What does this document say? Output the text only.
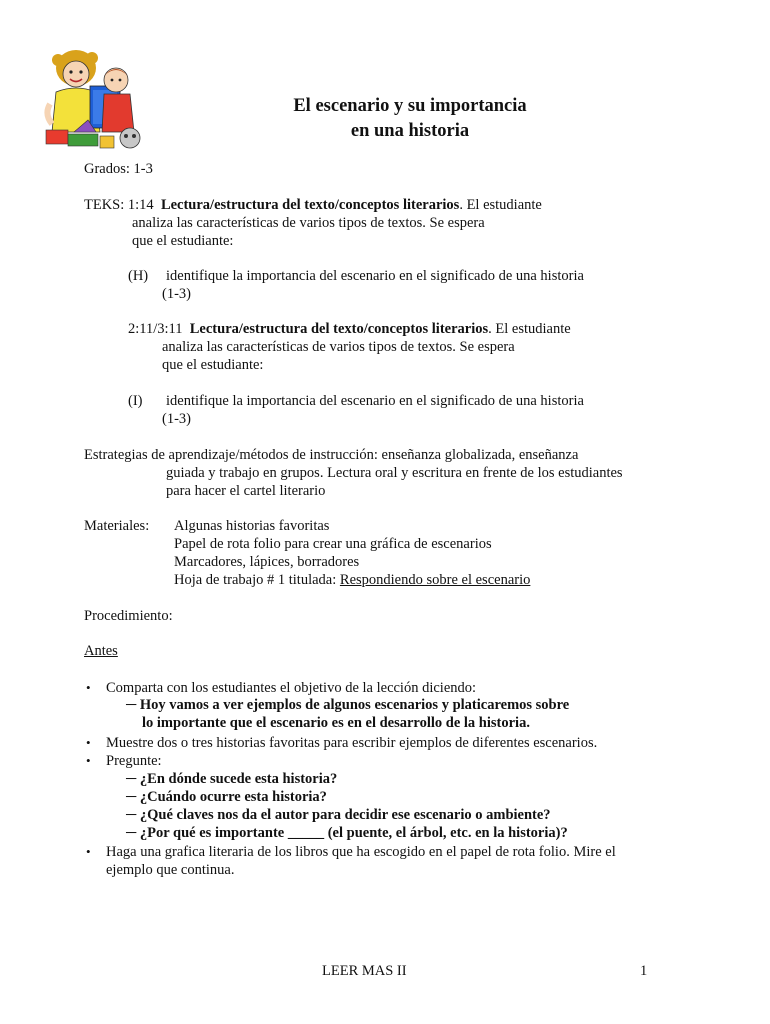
El escenario y su importancia
en una historia
Grados: 1-3
TEKS: 1:14 Lectura/estructura del texto/conceptos literarios. El estudiante
analiza las características de varios tipos de textos. Se espera
que el estudiante:
(H) identifique la importancia del escenario en el significado de una historia
(1-3)
2:11/3:11 Lectura/estructura del texto/conceptos literarios. El estudiante
analiza las características de varios tipos de textos. Se espera
que el estudiante:
(I) identifique la importancia del escenario en el significado de una historia
(1-3)
Estrategias de aprendizaje/métodos de instrucción: enseñanza globalizada, enseñanza
guiada y trabajo en grupos. Lectura oral y escritura en frente de los estudiantes
para hacer el cartel literario
Materiales: Algunas historias favoritas
Papel de rota folio para crear una gráfica de escenarios
Marcadores, lápices, borradores
Hoja de trabajo # 1 titulada: Respondiendo sobre el escenario
Procedimiento:
Antes
• Comparta con los estudiantes el objetivo de la lección diciendo:
─ Hoy vamos a ver ejemplos de algunos escenarios y platicaremos sobre
lo importante que el escenario es en el desarrollo de la historia.
• Muestre dos o tres historias favoritas para escribir ejemplos de diferentes escenarios.
• Pregunte:
─ ¿En dónde sucede esta historia?
─ ¿Cuándo ocurre esta historia?
─ ¿Qué claves nos da el autor para decidir ese escenario o ambiente?
─ ¿Por qué es importante _____ (el puente, el árbol, etc. en la historia)?
• Haga una grafica literaria de los libros que ha escogido en el papel de rota folio. Mire el
ejemplo que continua.
LEER MAS II	1
